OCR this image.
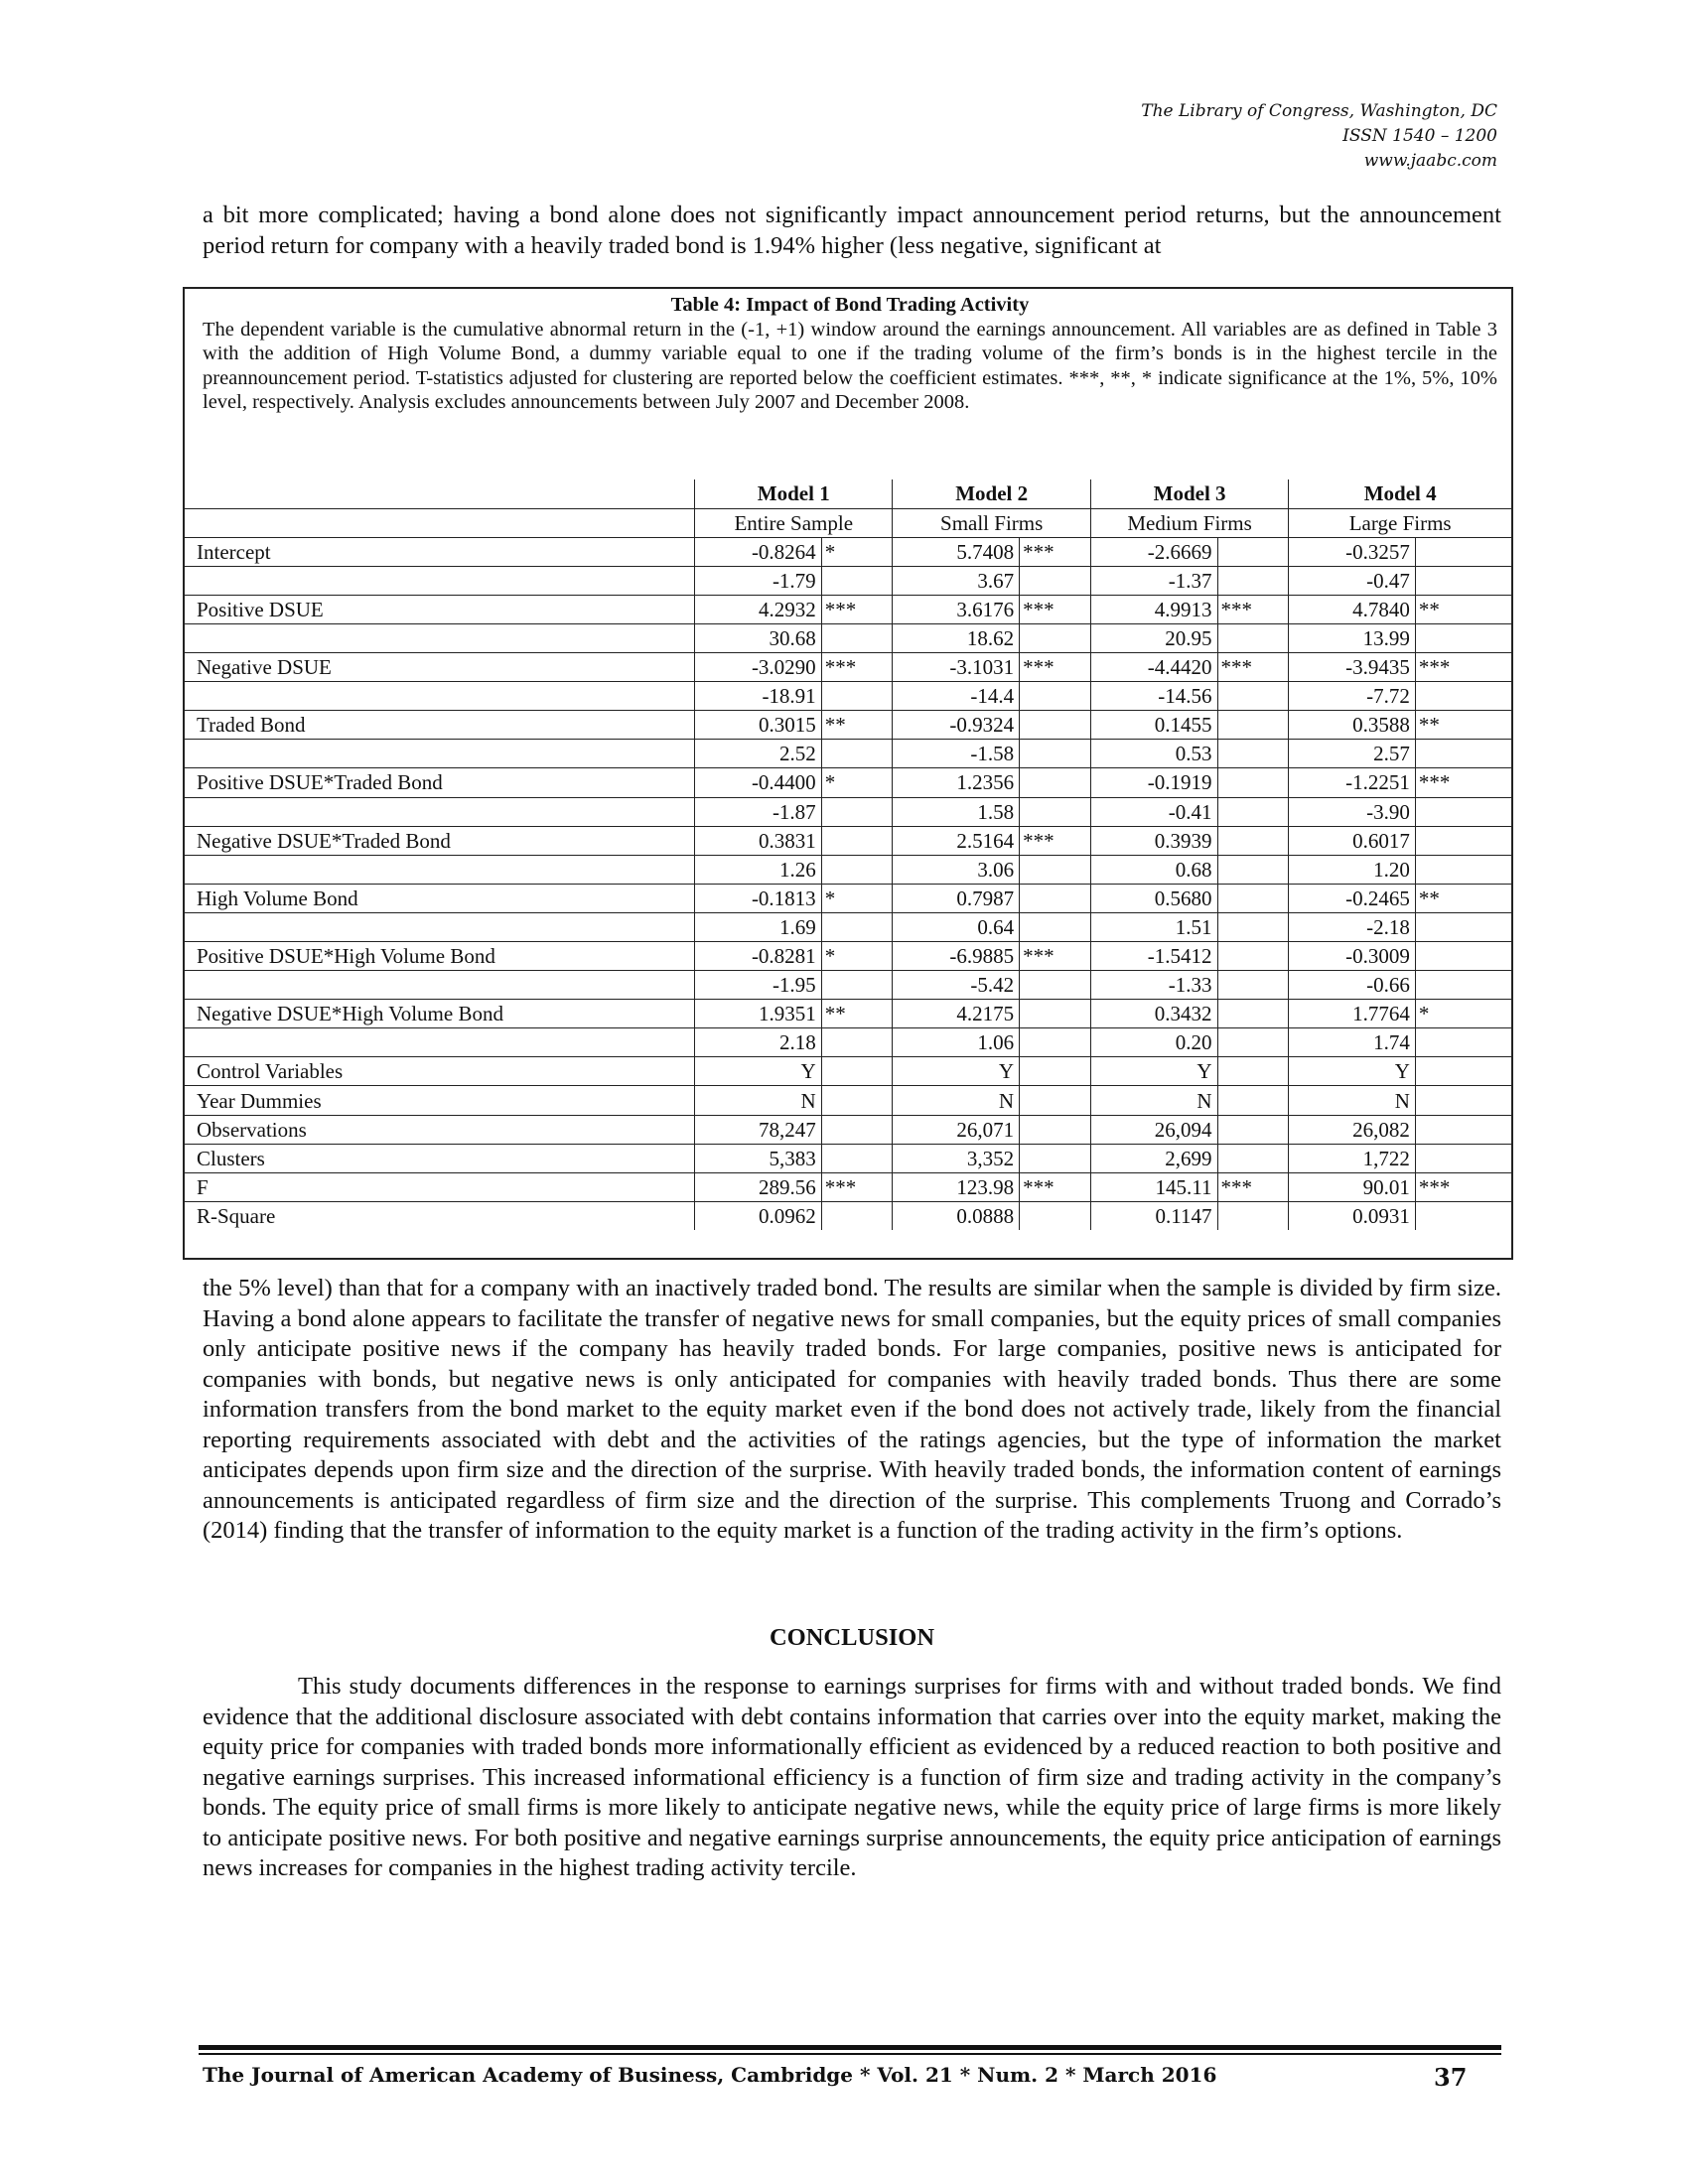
The Library of Congress, Washington, DC
ISSN 1540 – 1200
www.jaabc.com

a bit more complicated; having a bond alone does not significantly impact announcement period returns, but the announcement period return for company with a heavily traded bond is 1.94% higher (less negative, significant at

Table 4: Impact of Bond Trading Activity
The dependent variable is the cumulative abnormal return in the (-1, +1) window around the earnings announcement. All variables are as defined in Table 3 with the addition of High Volume Bond, a dummy variable equal to one if the trading volume of the firm’s bonds is in the highest tercile in the preannouncement period. T-statistics adjusted for clustering are reported below the coefficient estimates. ***, **, * indicate significance at the 1%, 5%, 10% level, respectively. Analysis excludes announcements between July 2007 and December 2008.
	Model 1		Model 2		Model 3		Model 4	
	Entire Sample		Small Firms		Medium Firms		Large Firms	
Intercept	-0.8264	*	5.7408	***	-2.6669		-0.3257	
	-1.79		3.67		-1.37		-0.47	
Positive DSUE	4.2932	***	3.6176	***	4.9913	***	4.7840	**
	30.68		18.62		20.95		13.99	
Negative DSUE	-3.0290	***	-3.1031	***	-4.4420	***	-3.9435	***
	-18.91		-14.4		-14.56		-7.72	
Traded Bond	0.3015	**	-0.9324		0.1455		0.3588	**
	2.52		-1.58		0.53		2.57	
Positive DSUE*Traded Bond	-0.4400	*	1.2356		-0.1919		-1.2251	***
	-1.87		1.58		-0.41		-3.90	
Negative DSUE*Traded Bond	0.3831		2.5164	***	0.3939		0.6017	
	1.26		3.06		0.68		1.20	
High Volume Bond	-0.1813	*	0.7987		0.5680		-0.2465	**
	1.69		0.64		1.51		-2.18	
Positive DSUE*High Volume Bond	-0.8281	*	-6.9885	***	-1.5412		-0.3009	
	-1.95		-5.42		-1.33		-0.66	
Negative DSUE*High Volume Bond	1.9351	**	4.2175		0.3432		1.7764	*
	2.18		1.06		0.20		1.74	
Control Variables	Y		Y		Y		Y	
Year Dummies	N		N		N		N	
Observations	78,247		26,071		26,094		26,082	
Clusters	5,383		3,352		2,699		1,722	
F	289.56	***	123.98	***	145.11	***	90.01	***
R-Square	0.0962		0.0888		0.1147		0.0931	

the 5% level) than that for a company with an inactively traded bond. The results are similar when the sample is divided by firm size. Having a bond alone appears to facilitate the transfer of negative news for small companies, but the equity prices of small companies only anticipate positive news if the company has heavily traded bonds. For large companies, positive news is anticipated for companies with bonds, but negative news is only anticipated for companies with heavily traded bonds. Thus there are some information transfers from the bond market to the equity market even if the bond does not actively trade, likely from the financial reporting requirements associated with debt and the activities of the ratings agencies, but the type of information the market anticipates depends upon firm size and the direction of the surprise. With heavily traded bonds, the information content of earnings announcements is anticipated regardless of firm size and the direction of the surprise. This complements Truong and Corrado’s (2014) finding that the transfer of information to the equity market is a function of the trading activity in the firm’s options.

CONCLUSION

This study documents differences in the response to earnings surprises for firms with and without traded bonds. We find evidence that the additional disclosure associated with debt contains information that carries over into the equity market, making the equity price for companies with traded bonds more informationally efficient as evidenced by a reduced reaction to both positive and negative earnings surprises. This increased informational efficiency is a function of firm size and trading activity in the company’s bonds. The equity price of small firms is more likely to anticipate negative news, while the equity price of large firms is more likely to anticipate positive news. For both positive and negative earnings surprise announcements, the equity price anticipation of earnings news increases for companies in the highest trading activity tercile.

The Journal of American Academy of Business, Cambridge * Vol. 21 * Num. 2 * March 2016	37
